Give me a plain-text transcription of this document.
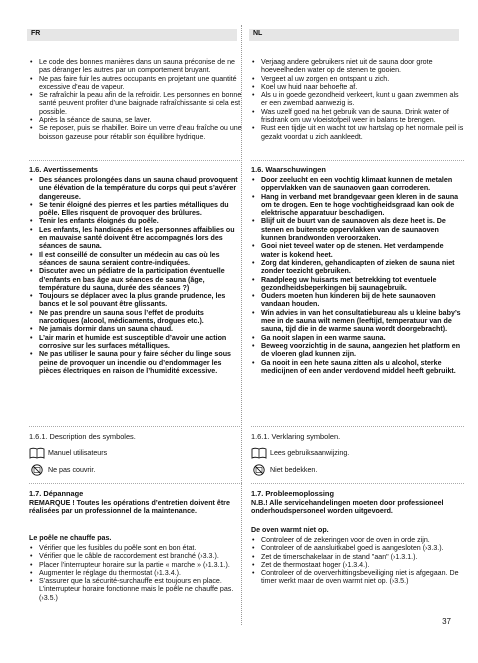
FR	NL
• Le code des bonnes manières dans un sauna préconise de ne pas déranger les autres par un comportement bruyant.
• Ne pas faire fuir les autres occupants en projetant une quantité excessive d’eau de vapeur.
• Se rafraîchir la peau afin de la refroidir. Les personnes en bonne santé peuvent profiter d’une baignade rafraîchissante si cela est possible.
• Après la séance de sauna, se laver.
• Se reposer, puis se rhabiller. Boire un verre d’eau fraîche ou une boisson gazeuse pour rétablir son équilibre hydrique.
1.6. Avertissements
• Des séances prolongées dans un sauna chaud provoquent une élévation de la température du corps qui peut s’avérer dangereuse.
• Se tenir éloigné des pierres et les parties métalliques du poêle. Elles risquent de provoquer des brûlures.
• Tenir les enfants éloignés du poêle.
• Les enfants, les handicapés et les personnes affaiblies ou en mauvaise santé doivent être accompagnés lors des séances de sauna.
• Il est conseillé de consulter un médecin au cas où les séances de sauna seraient contre-indiquées.
• Discuter avec un pédiatre de la participation éventuelle d’enfants en bas âge aux séances de sauna (âge, température du sauna, durée des séances ?)
• Toujours se déplacer avec la plus grande prudence, les bancs et le sol pouvant être glissants.
• Ne pas prendre un sauna sous l’effet de produits narcotiques (alcool, médicaments, drogues etc.).
• Ne jamais dormir dans un sauna chaud.
• L’air marin et humide est susceptible d’avoir une action corrosive sur les surfaces métalliques.
• Ne pas utiliser le sauna pour y faire sécher du linge sous peine de provoquer un incendie ou d’endommager les pièces électriques en raison de l’humidité excessive.
1.6.1. Description des symboles.
Manuel utilisateurs
Ne pas couvrir.
1.7. Dépannage

REMARQUE ! Toutes les opérations d’entretien doivent être réalisées par un professionnel de la maintenance.

Le poêle ne chauffe pas.

• Vérifier que les fusibles du poêle sont en bon état.
• Vérifier que le câble de raccordement est branché (›3.3.).
• Placer l’interrupteur horaire sur la partie « marche » (›1.3.1.).
• Augmenter le réglage du thermostat (›1.3.4.).
• S’assurer que la sécurité-surchauffe est toujours en place. L’interrupteur horaire fonctionne mais le poêle ne chauffe pas. (›3.5.)
• Verjaag andere gebruikers niet uit de sauna door grote hoeveelheden water op de stenen te gooien.
• Vergeet al uw zorgen en ontspant u zich.
• Koel uw huid naar behoefte af.
• Als u in goede gezondheid verkeert, kunt u gaan zwemmen als er een zwembad aanwezig is.
• Was uzelf goed na het gebruik van de sauna. Drink water of frisdrank om uw vloeistofpeil weer in balans te brengen.
• Rust een tijdje uit en wacht tot uw hartslag op het normale peil is gezakt voordat u zich aankleedt.
1.6. Waarschuwingen
• Door zeelucht en een vochtig klimaat kunnen de metalen oppervlakken van de saunaoven gaan corroderen.
• Hang in verband met brandgevaar geen kleren in de sauna om te drogen. Een te hoge vochtigheidsgraad kan ook de elektrische apparatuur beschadigen.
• Blijf uit de buurt van de saunaoven als deze heet is. De stenen en buitenste oppervlakken van de saunaoven kunnen brandwonden veroorzaken.
• Gooi niet teveel water op de stenen. Het verdampende water is kokend heet.
• Zorg dat kinderen, gehandicapten of zieken de sauna niet zonder toezicht gebruiken.
• Raadpleeg uw huisarts met betrekking tot eventuele gezondheidsbeperkingen bij saunagebruik.
• Ouders moeten hun kinderen bij de hete saunaoven vandaan houden.
• Win advies in van het consultatiebureau als u kleine baby’s mee in de sauna wilt nemen (leeftijd, temperatuur van de sauna, tijd die in de warme sauna wordt doorgebracht).
• Ga nooit slapen in een warme sauna.
• Beweeg voorzichtig in de sauna, aangezien het platform en de vloeren glad kunnen zijn.
• Ga nooit in een hete sauna zitten als u alcohol, sterke medicijnen of een ander verdovend middel heeft gebruikt.
1.6.1. Verklaring symbolen.
Lees gebruiksaanwijzing.
Niet bedekken.
1.7. Probleemoplossing

N.B.! Alle servicehandelingen moeten door professioneel onderhoudspersoneel worden uitgevoerd.

De oven warmt niet op.

• Controleer of de zekeringen voor de oven in orde zijn.
• Controleer of de aansluitkabel goed is aangesloten (›3.3.).
• Zet de timerschakelaar in de stand "aan" (›1.3.1.).
• Zet de thermostaat hoger (›1.3.4.).
• Controleer of de oververhittingsbeveiliging niet is afgegaan. De timer werkt maar de oven warmt niet op. (›3.5.)
37
